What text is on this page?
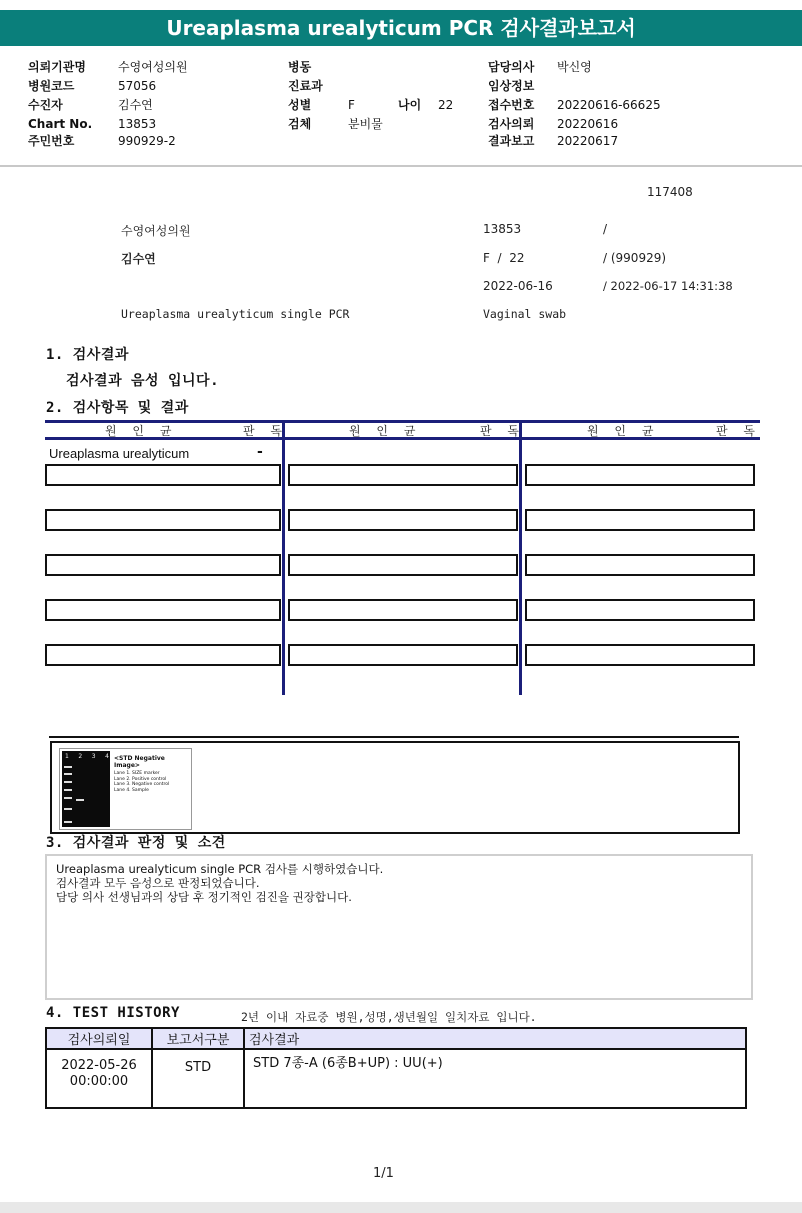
Ureaplasma urealyticum PCR 검사결과보고서
의뢰기관명	수영여성의원
병원코드	57056
수진자	김수연
Chart No. 13853
주민번호	990929-2
병동
진료과
성별	F	나이 22
검체	분비물
담당의사 박신영
임상정보
접수번호 20220616-66625
검사의뢰 20220616
결과보고 20220617
117408
수영여성의원	13853	/
김수연	F  /  22	/ (990929)
2022-06-16	/ 2022-06-17 14:31:38
Ureaplasma urealyticum single PCR	Vaginal swab
1. 검사결과
검사결과 음성 입니다.
2. 검사항목 및 결과
원 인 균	판 독	원 인 균	판 독	원 인 균	판 독
Ureaplasma urealyticum	-
1 2 3 4 <STD Negative Image>
Lane 1. SIZE marker
Lane 2. Positive control
Lane 3. Negative control
Lane 4. Sample
3. 검사결과 판정 및 소견
Ureaplasma urealyticum single PCR 검사를 시행하였습니다.
검사결과 모두 음성으로 판정되었습니다.
담당 의사 선생님과의 상담 후 정기적인 검진을 권장합니다.
4. TEST HISTORY	2년 이내 자료중 병원,성명,생년월일 일치자료 입니다.
검사의뢰일	보고서구분	검사결과

2022-05-26
00:00:00	STD	STD 7종-A (6종B+UP) : UU(+)
1/1
